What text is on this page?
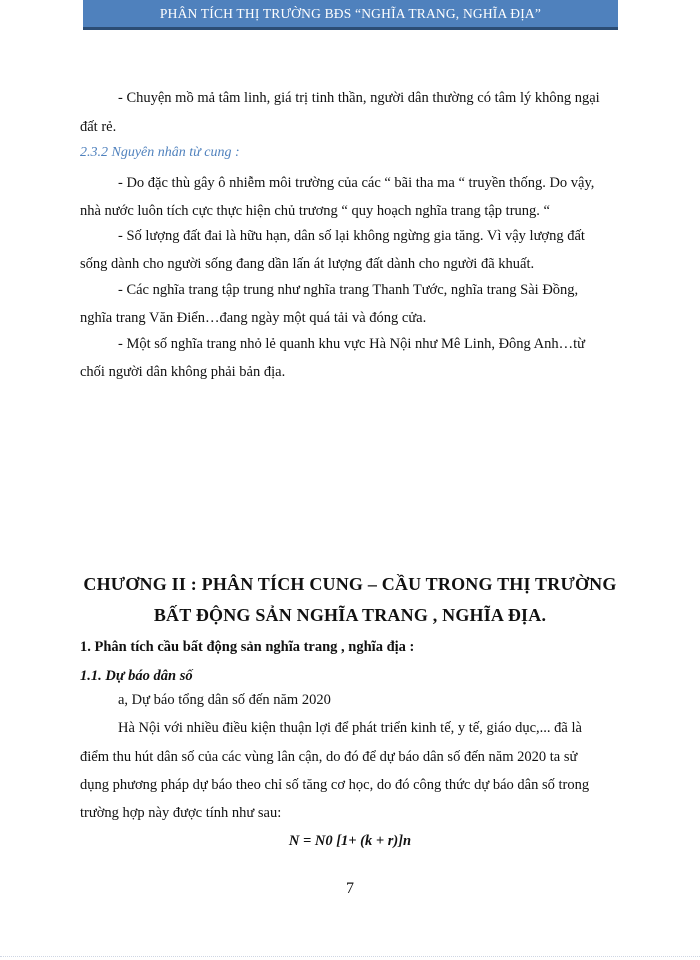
PHÂN TÍCH THỊ TRƯỜNG BĐS “NGHĨA TRANG, NGHĨA ĐỊA”
- Chuyện mồ mả tâm linh, giá trị tinh thần, người dân thường có tâm lý không ngại
đất rẻ.
2.3.2 Nguyên nhân từ cung :
- Do đặc thù gây ô nhiễm môi trường của các “ bãi tha ma “ truyền thống. Do vậy,
nhà nước luôn tích cực thực hiện chủ trương “ quy hoạch nghĩa trang tập trung. “
- Số lượng đất đai là hữu hạn, dân số lại không ngừng gia tăng. Vì vậy lượng đất
sống dành cho người sống đang dần lấn át lượng đất dành cho người đã khuất.
- Các nghĩa trang tập trung như nghĩa trang Thanh Tước, nghĩa trang Sài Đồng,
nghĩa trang Văn Điển…đang ngày một quá tải và đóng cửa.
- Một số nghĩa trang nhỏ lẻ quanh khu vực Hà Nội như Mê Linh, Đông Anh…từ
chối người dân không phải bản địa.
CHƯƠNG II : PHÂN TÍCH CUNG – CẦU TRONG THỊ TRƯỜNG
BẤT ĐỘNG SẢN NGHĨA TRANG , NGHĨA ĐỊA.
1. Phân tích cầu bất động sản nghĩa trang , nghĩa địa :
1.1. Dự báo dân số
a, Dự báo tổng dân số đến năm 2020
Hà Nội với nhiều điều kiện thuận lợi để phát triển kinh tế, y tế, giáo dục,... đã là
điểm thu hút dân số của các vùng lân cận, do đó để dự báo dân số đến năm 2020 ta sử
dụng phương pháp dự báo theo chỉ số tăng cơ học, do đó công thức dự báo dân số trong
trường hợp này được tính như sau:
N = N0 [1+ (k + r)]n
7
